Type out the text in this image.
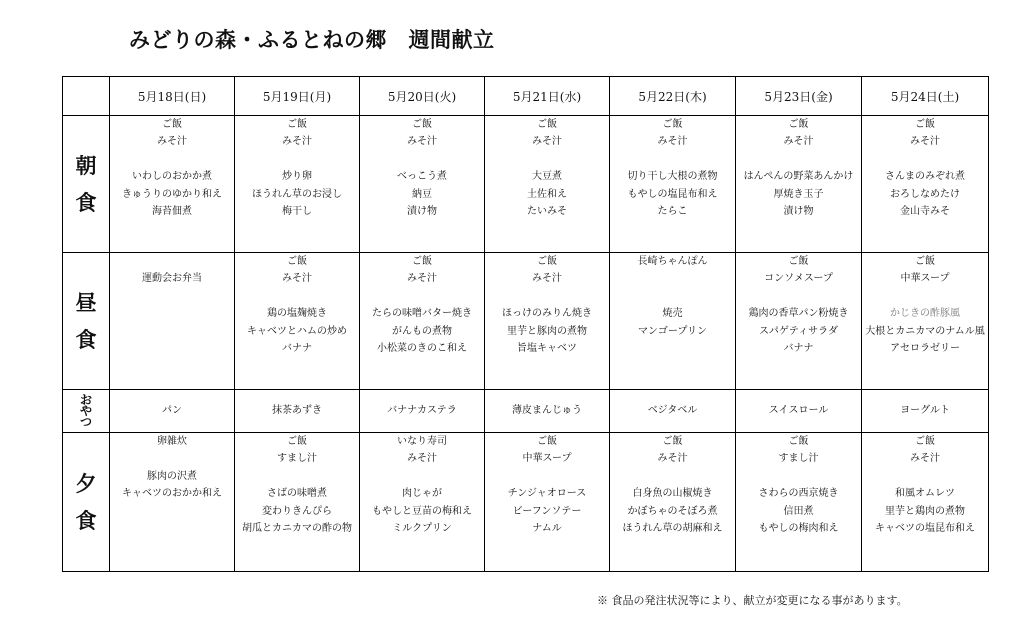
みどりの森・ふるとねの郷　週間献立
	5月18日(日)	5月19日(月)	5月20日(火)	5月21日(水)	5月22日(木)	5月23日(金)	5月24日(土)

朝
食	ご飯
みそ汁
いわしのおかか煮
きゅうりのゆかり和え
海苔佃煮	ご飯
みそ汁
炒り卵
ほうれん草のお浸し
梅干し	ご飯
みそ汁
べっこう煮
納豆
漬け物	ご飯
みそ汁
大豆煮
土佐和え
たいみそ	ご飯
みそ汁
切り干し大根の煮物
もやしの塩昆布和え
たらこ	ご飯
みそ汁
はんぺんの野菜あんかけ
厚焼き玉子
漬け物	ご飯
みそ汁
さんまのみぞれ煮
おろしなめたけ
金山寺みそ

昼
食	運動会お弁当	ご飯
みそ汁
鶏の塩麹焼き
キャベツとハムの炒め
バナナ	ご飯
みそ汁
たらの味噌バター焼き
がんもの煮物
小松菜のきのこ和え	ご飯
みそ汁
ほっけのみりん焼き
里芋と豚肉の煮物
旨塩キャベツ	長崎ちゃんぽん
焼売
マンゴープリン	ご飯
コンソメスープ
鶏肉の香草パン粉焼き
スパゲティサラダ
バナナ	ご飯
中華スープ
かじきの酢豚風
大根とカニカマのナムル風
アセロラゼリー

お
や
つ	パン	抹茶あずき	バナナカステラ	薄皮まんじゅう	ベジタベル	スイスロール	ヨーグルト

夕
食	卵雑炊
豚肉の沢煮
キャベツのおかか和え	ご飯
すまし汁
さばの味噌煮
変わりきんぴら
胡瓜とカニカマの酢の物	いなり寿司
みそ汁
肉じゃが
もやしと豆苗の梅和え
ミルクプリン	ご飯
中華スープ
チンジャオロース
ビーフンソテー
ナムル	ご飯
みそ汁
白身魚の山椒焼き
かぼちゃのそぼろ煮
ほうれん草の胡麻和え	ご飯
すまし汁
さわらの西京焼き
信田煮
もやしの梅肉和え	ご飯
みそ汁
和風オムレツ
里芋と鶏肉の煮物
キャベツの塩昆布和え
※ 食品の発注状況等により、献立が変更になる事があります。
